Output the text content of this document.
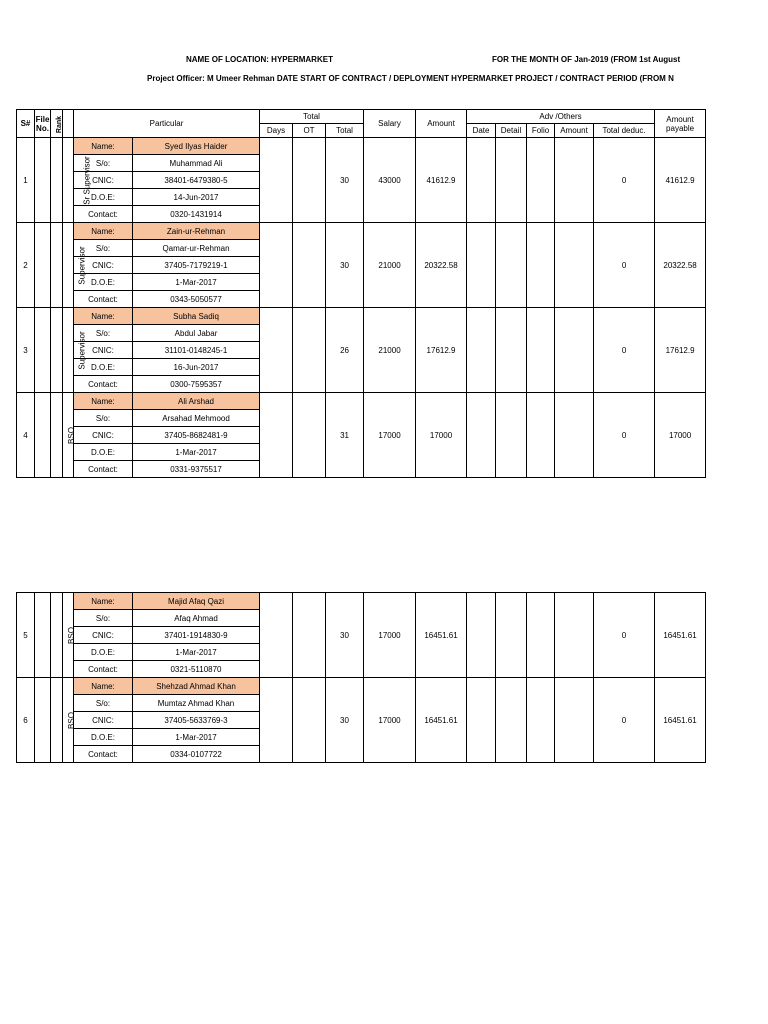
NAME OF LOCATION: HYPERMARKET	FOR THE MONTH OF Jan-2019 (FROM 1st August
Project Officer: M Umeer Rehman DATE START OF CONTRACT / DEPLOYMENT HYPERMARKET PROJECT / CONTRACT PERIOD (FROM N
S#	File
No.	Rank		Particular		Total			Salary	Amount	Adv /Others					Amount
payable
						Days	OT	Total			Date	Detail	Folio	Amount	Total deduc.	
1			Sr Supervisor	Name:	Syed Ilyas Haider			30	43000	41612.9					0	41612.9
				S/o:	Muhammad Ali											
				CNIC:	38401-6479380-5											
				D.O.E:	14-Jun-2017											
				Contact:	0320-1431914											
2			Supervisor	Name:	Zain-ur-Rehman			30	21000	20322.58					0	20322.58
				S/o:	Qamar-ur-Rehman											
				CNIC:	37405-7179219-1											
				D.O.E:	1-Mar-2017											
				Contact:	0343-5050577											
3			Supervisor	Name:	Subha Sadiq			26	21000	17612.9					0	17612.9
				S/o:	Abdul Jabar											
				CNIC:	31101-0148245-1											
				D.O.E:	16-Jun-2017											
				Contact:	0300-7595357											
4			BSO	Name:	Ali Arshad			31	17000	17000					0	17000
				S/o:	Arsahad Mehmood											
				CNIC:	37405-8682481-9											
				D.O.E:	1-Mar-2017											
				Contact:	0331-9375517											
5			BSO	Name:	Majid Afaq Qazi			30	17000	16451.61					0	16451.61
				S/o:	Afaq Ahmad											
				CNIC:	37401-1914830-9											
				D.O.E:	1-Mar-2017											
				Contact:	0321-5110870											
6			BSO	Name:	Shehzad Ahmad Khan			30	17000	16451.61					0	16451.61
				S/o:	Mumtaz Ahmad Khan											
				CNIC:	37405-5633769-3											
				D.O.E:	1-Mar-2017											
				Contact:	0334-0107722											
